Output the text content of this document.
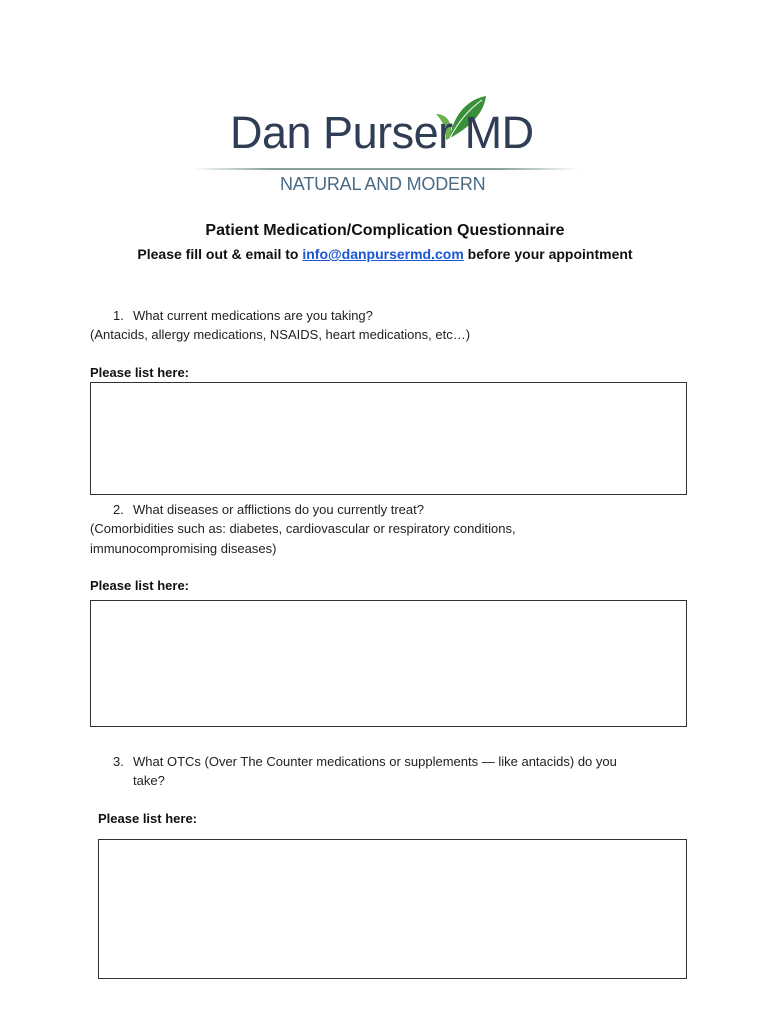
Dan Purser MD
NATURAL AND MODERN
Patient Medication/Complication Questionnaire
Please fill out & email to info@danpursermd.com before your appointment
1. What current medications are you taking?
(Antacids, allergy medications, NSAIDS, heart medications, etc…)
Please list here:
2. What diseases or afflictions do you currently treat?
(Comorbidities such as: diabetes, cardiovascular or respiratory conditions,
immunocompromising diseases)
Please list here:
3. What OTCs (Over The Counter medications or supplements — like antacids) do you
take?
Please list here:
